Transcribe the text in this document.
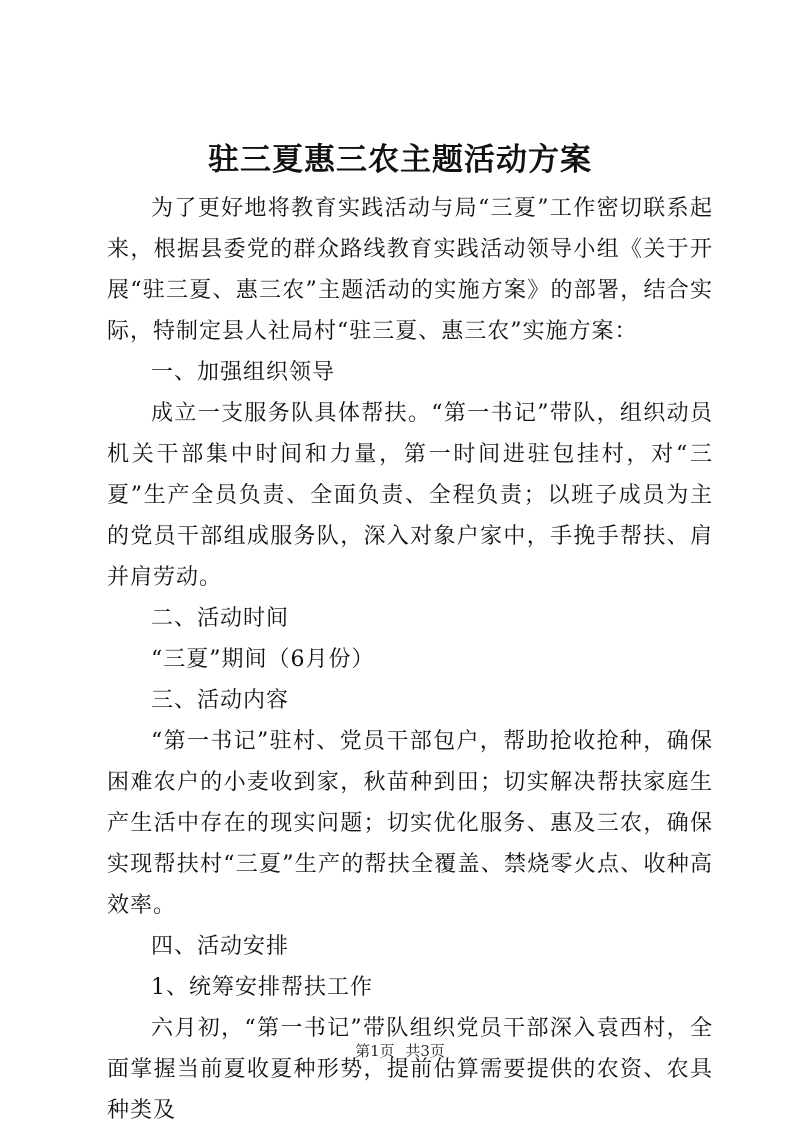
驻三夏惠三农主题活动方案

为了更好地将教育实践活动与局“三夏”工作密切联系起来，根据县委党的群众路线教育实践活动领导小组《关于开展“驻三夏、惠三农”主题活动的实施方案》的部署，结合实际，特制定县人社局村“驻三夏、惠三农”实施方案：

一、加强组织领导

成立一支服务队具体帮扶。“第一书记”带队，组织动员机关干部集中时间和力量，第一时间进驻包挂村，对“三夏”生产全员负责、全面负责、全程负责；以班子成员为主的党员干部组成服务队，深入对象户家中，手挽手帮扶、肩并肩劳动。

二、活动时间

“三夏”期间（6月份）

三、活动内容

“第一书记”驻村、党员干部包户，帮助抢收抢种，确保困难农户的小麦收到家，秋苗种到田；切实解决帮扶家庭生产生活中存在的现实问题；切实优化服务、惠及三农，确保实现帮扶村“三夏”生产的帮扶全覆盖、禁烧零火点、收种高效率。

四、活动安排

1、统筹安排帮扶工作

六月初，“第一书记”带队组织党员干部深入袁西村，全面掌握当前夏收夏种形势，提前估算需要提供的农资、农具种类及

第1页 共3页
